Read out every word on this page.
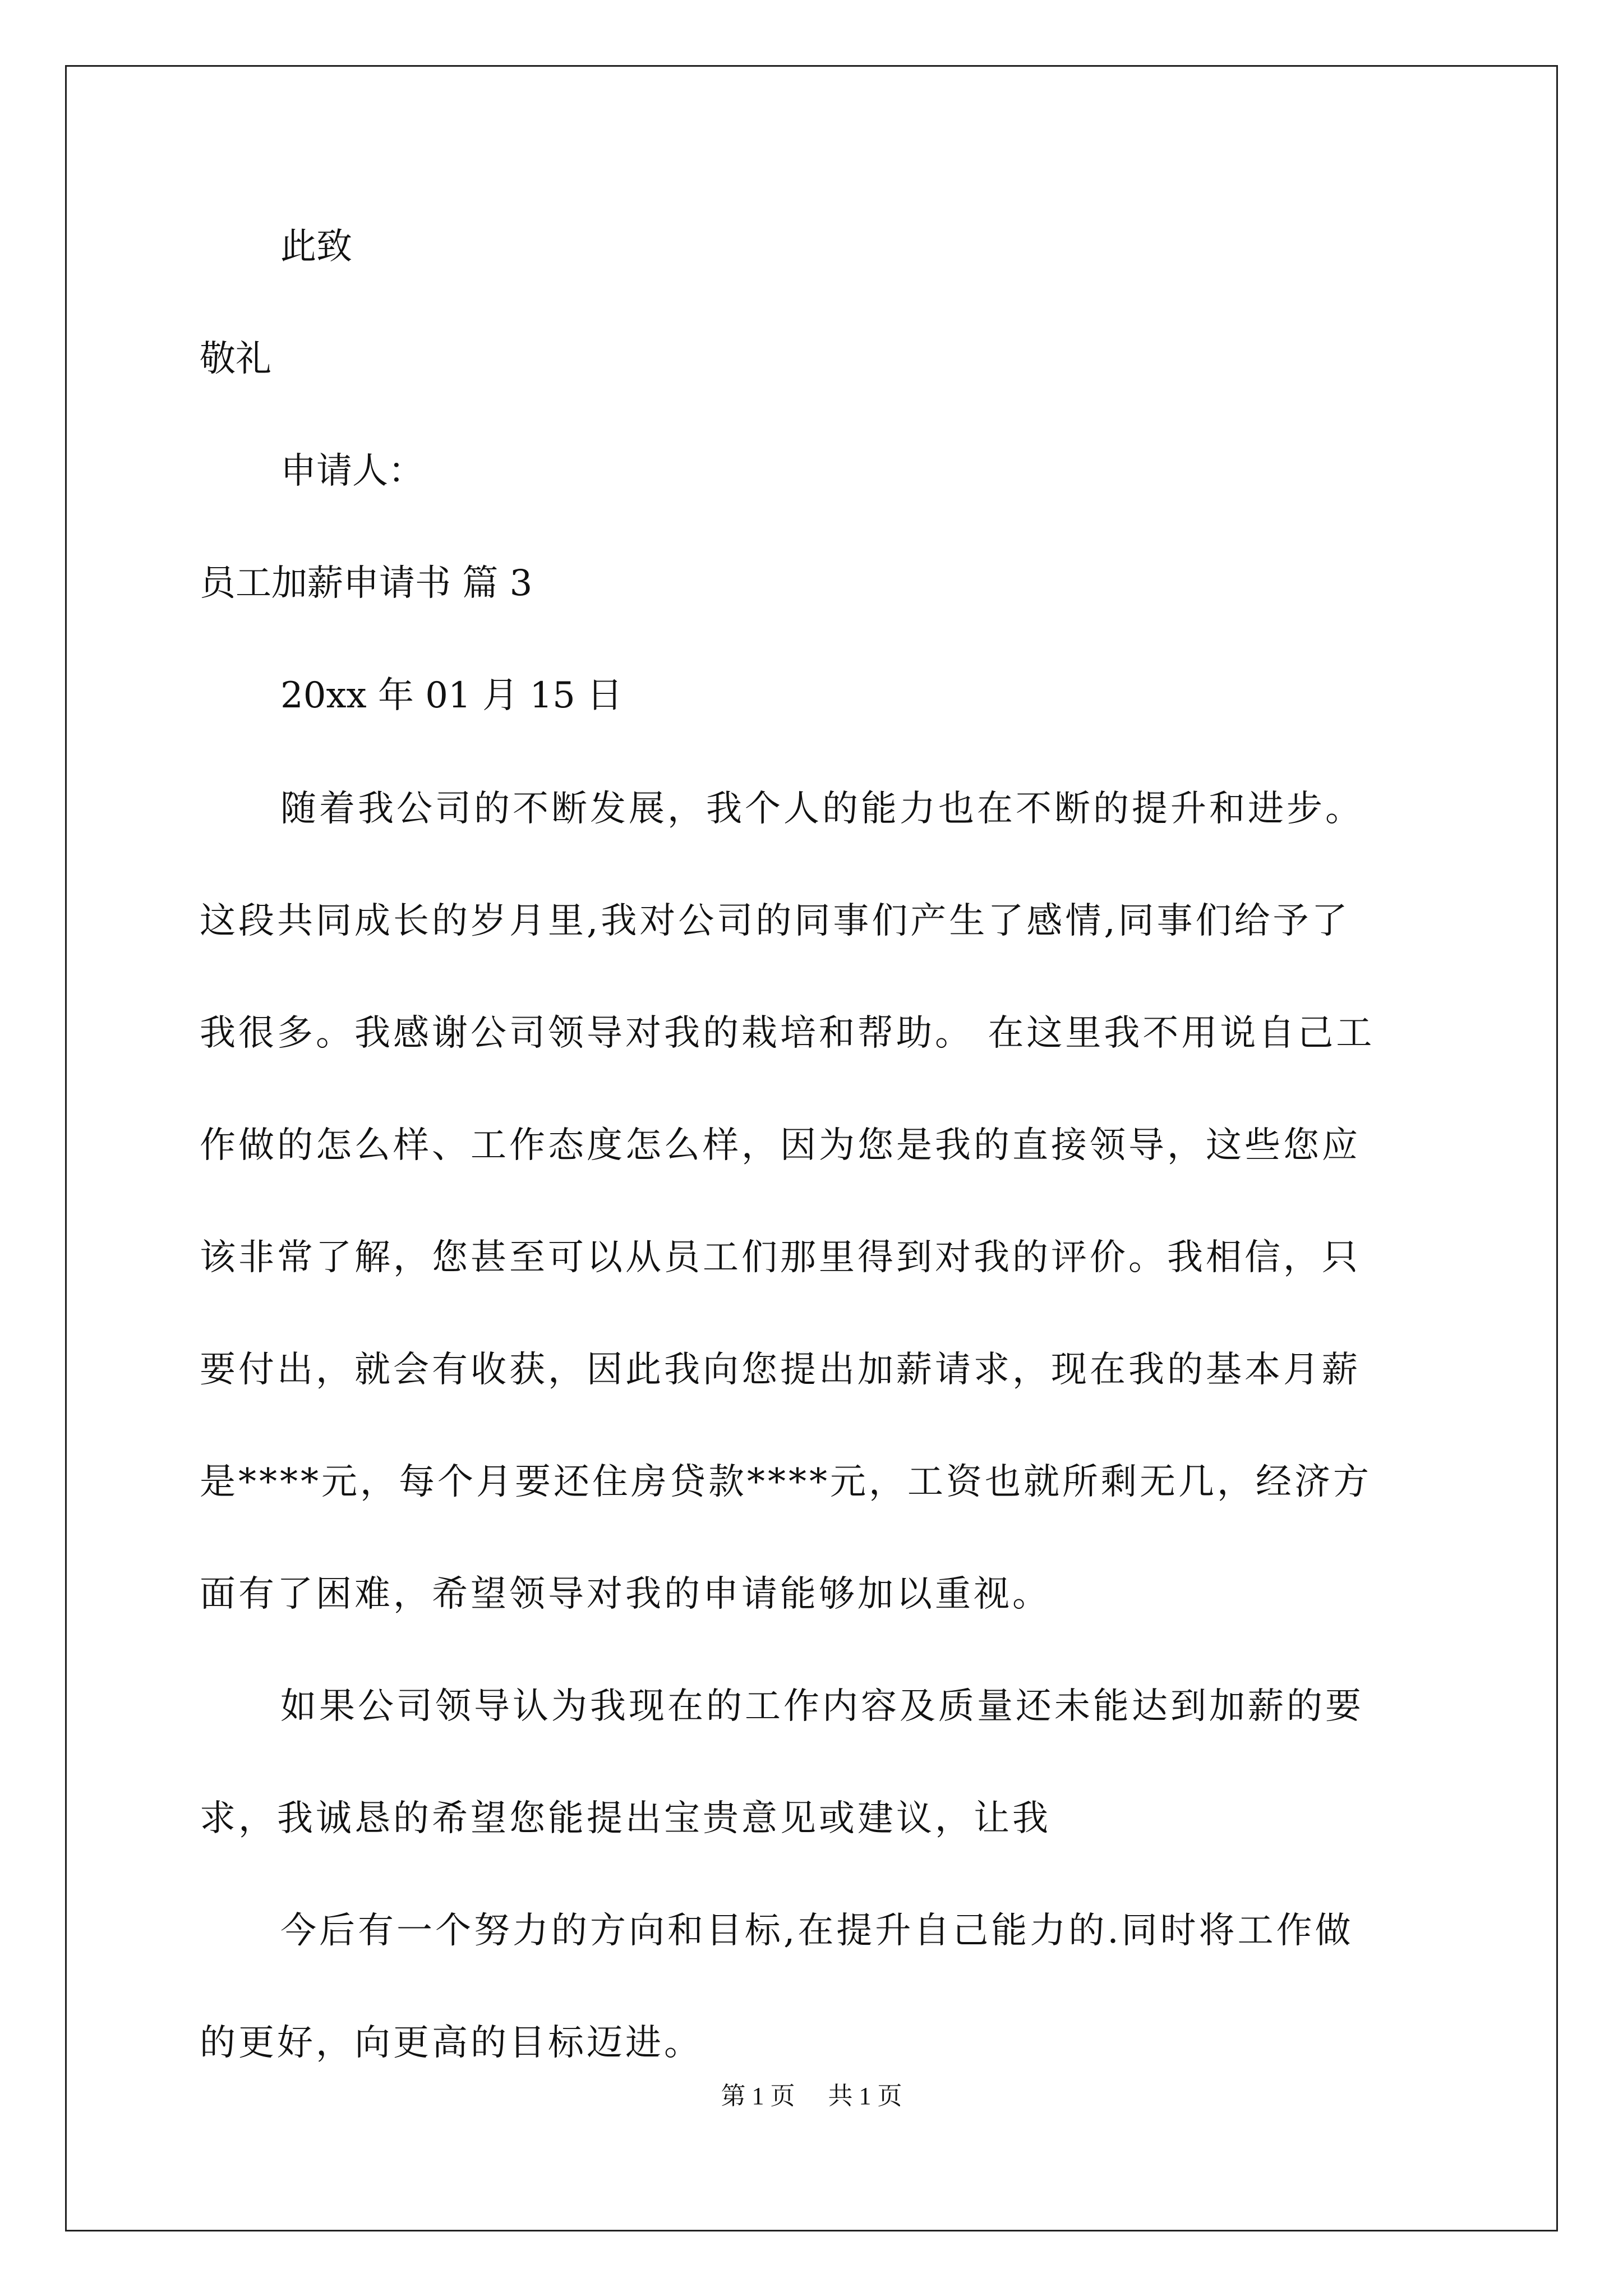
此致
敬礼
申请人：
员工加薪申请书 篇 3
20xx 年 01 月 15 日
随着我公司的不断发展，我个人的能力也在不断的提升和进步。
这段共同成长的岁月里,我对公司的同事们产生了感情,同事们给予了
我很多。我感谢公司领导对我的栽培和帮助。 在这里我不用说自己工
作做的怎么样、工作态度怎么样，因为您是我的直接领导，这些您应
该非常了解，您甚至可以从员工们那里得到对我的评价。我相信，只
要付出，就会有收获，因此我向您提出加薪请求，现在我的基本月薪
是****元，每个月要还住房贷款****元，工资也就所剩无几，经济方
面有了困难，希望领导对我的申请能够加以重视。
如果公司领导认为我现在的工作内容及质量还未能达到加薪的要
求，我诚恳的希望您能提出宝贵意见或建议，让我
今后有一个努力的方向和目标,在提升自己能力的.同时将工作做
的更好，向更高的目标迈进。
第 1 页 共 1 页
